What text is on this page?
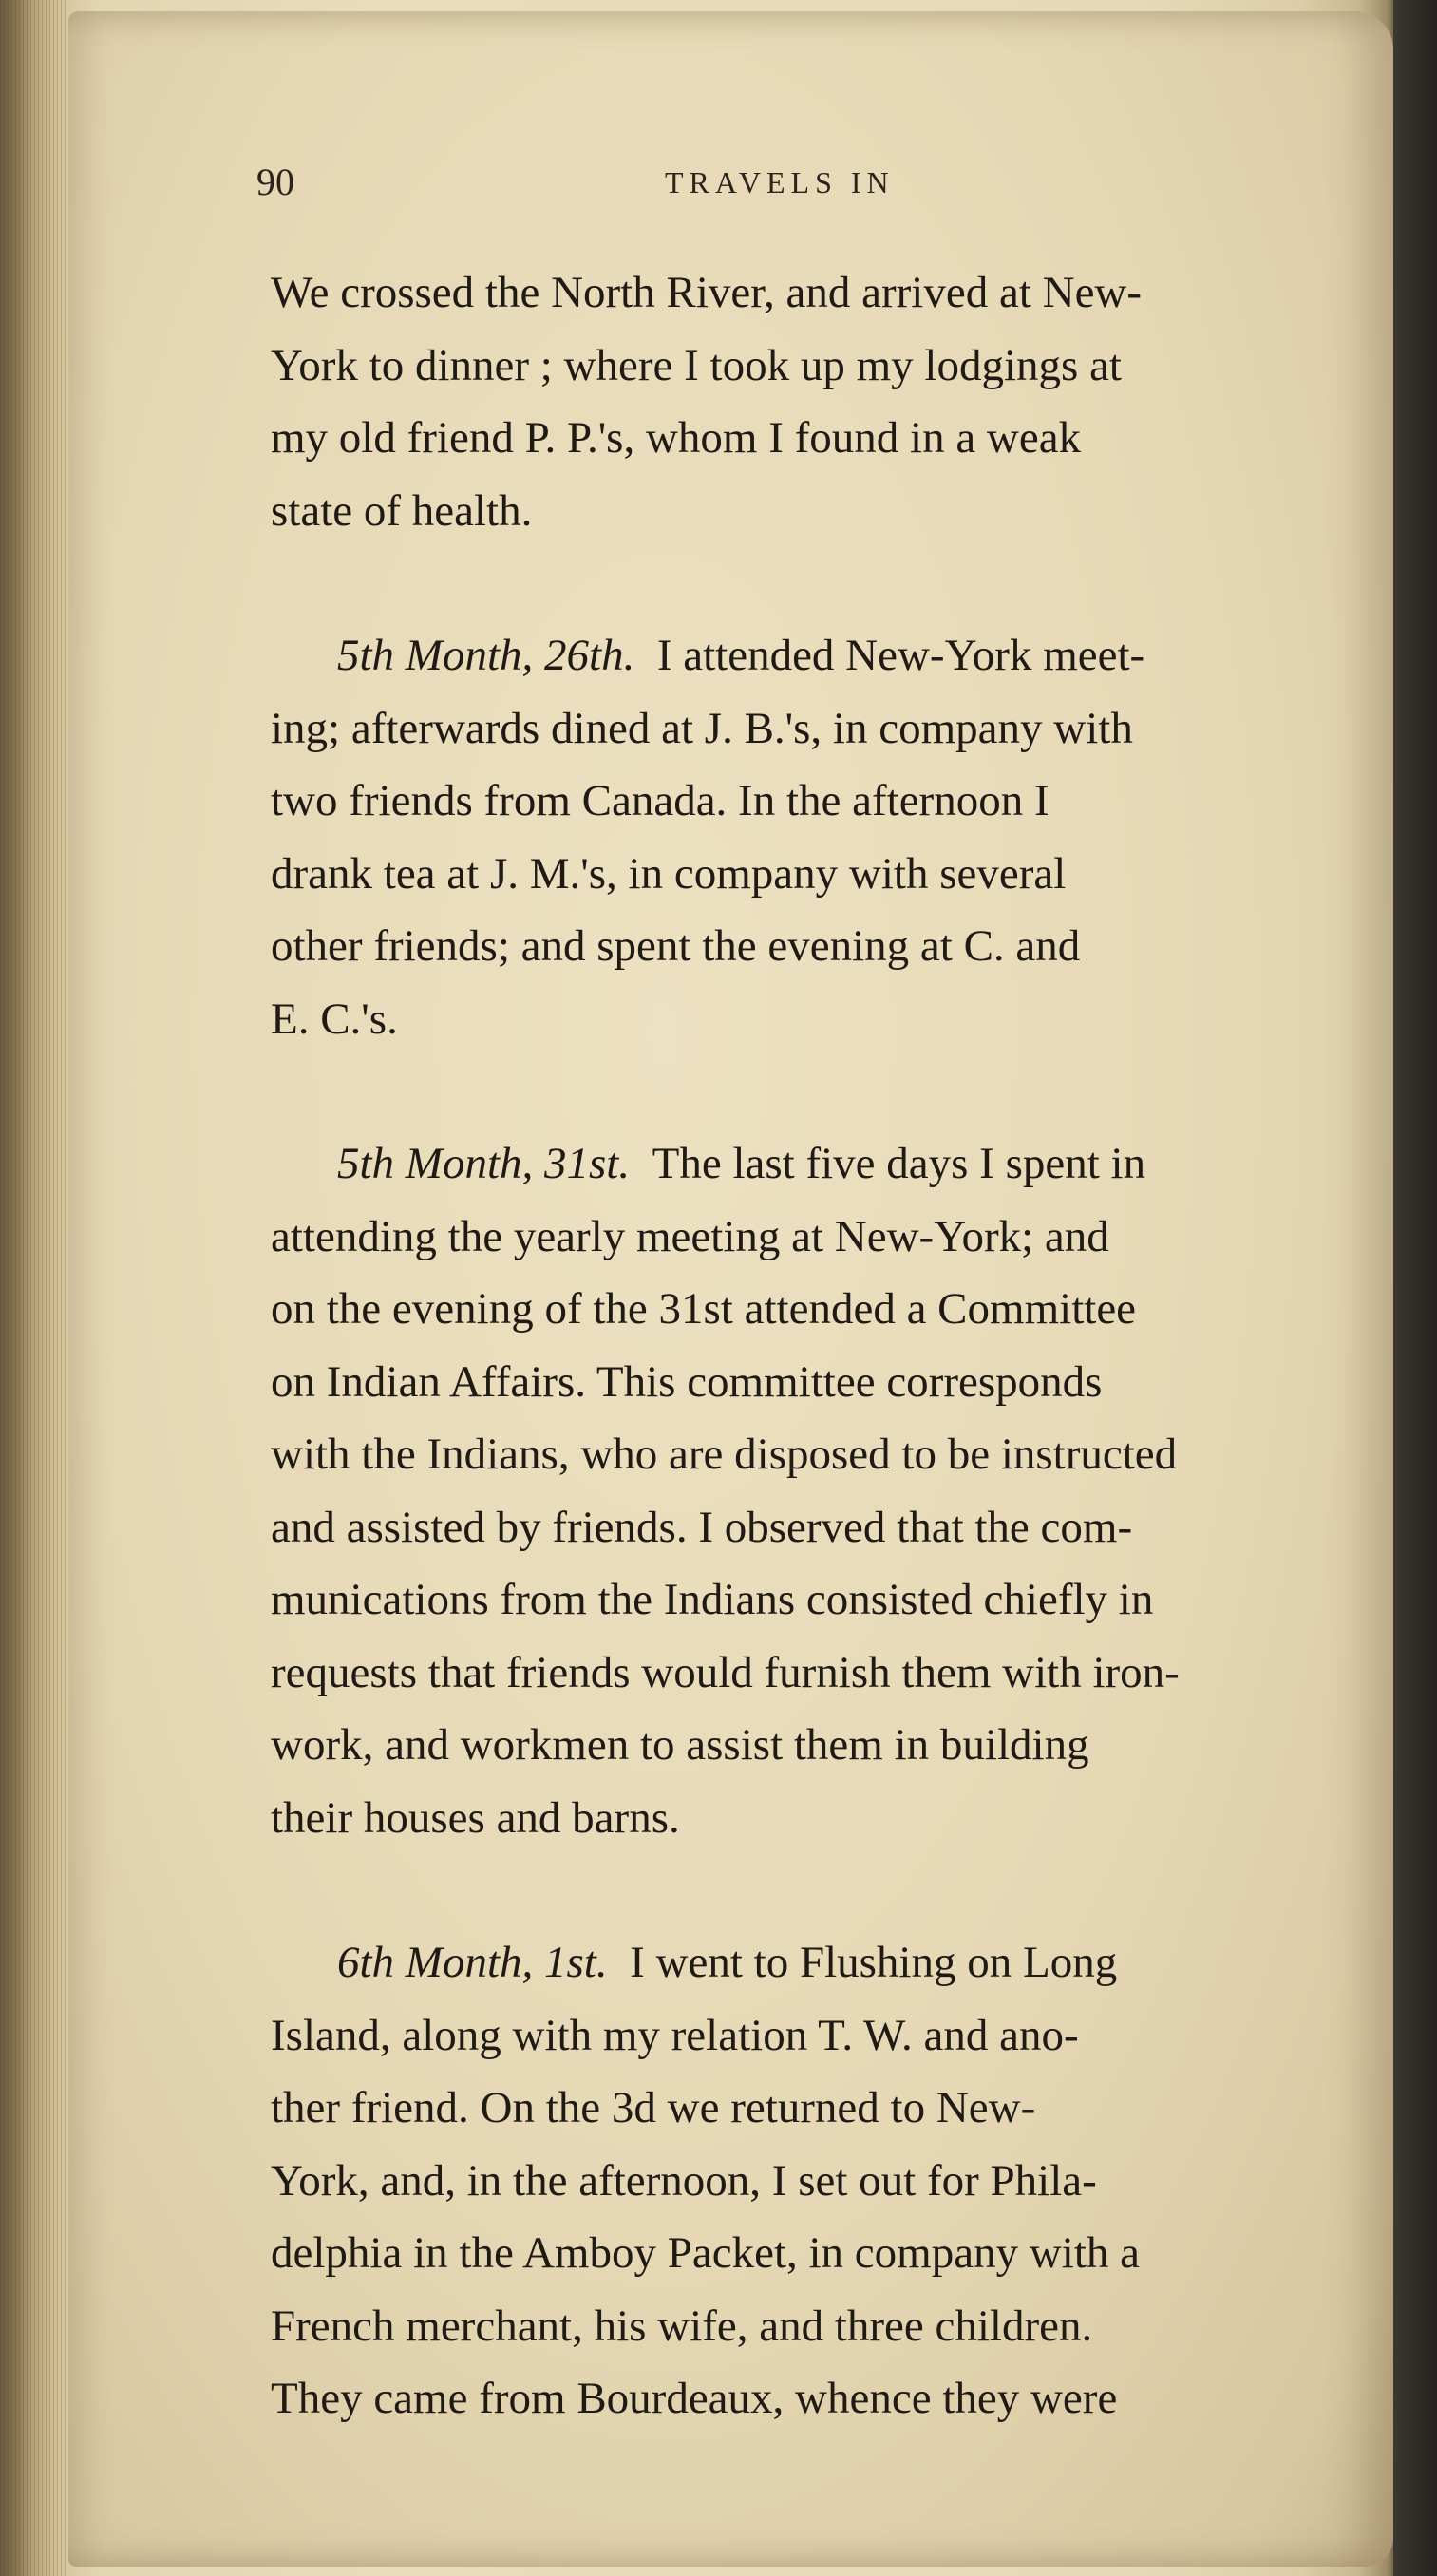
90	TRAVELS IN
We crossed the North River, and arrived at New-
York to dinner ; where I took up my lodgings at
my old friend P. P.'s, whom I found in a weak
state of health.
5th Month, 26th. I attended New-York meet-
ing; afterwards dined at J. B.'s, in company with
two friends from Canada. In the afternoon I
drank tea at J. M.'s, in company with several
other friends; and spent the evening at C. and
E. C.'s.
5th Month, 31st. The last five days I spent in
attending the yearly meeting at New-York; and
on the evening of the 31st attended a Committee
on Indian Affairs. This committee corresponds
with the Indians, who are disposed to be instructed
and assisted by friends. I observed that the com-
munications from the Indians consisted chiefly in
requests that friends would furnish them with iron-
work, and workmen to assist them in building
their houses and barns.
6th Month, 1st. I went to Flushing on Long
Island, along with my relation T. W. and ano-
ther friend. On the 3d we returned to New-
York, and, in the afternoon, I set out for Phila-
delphia in the Amboy Packet, in company with a
French merchant, his wife, and three children.
They came from Bourdeaux, whence they were
